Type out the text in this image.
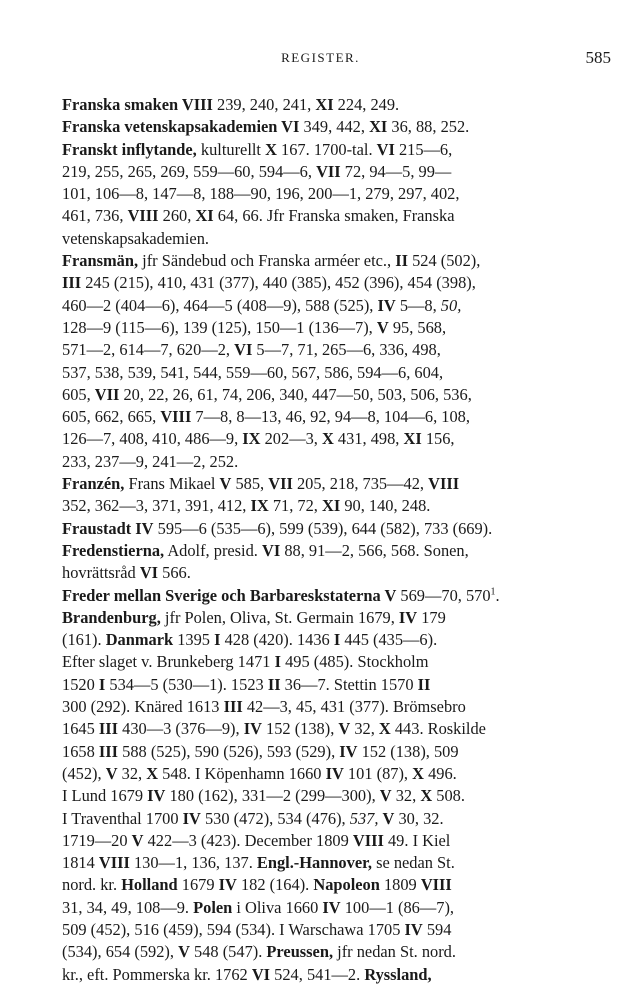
REGISTER.	585
Franska smaken VIII 239, 240, 241, XI 224, 249.
Franska vetenskapsakademien VI 349, 442, XI 36, 88, 252.
Franskt inflytande, kulturellt X 167. 1700-tal. VI 215—6,
219, 255, 265, 269, 559—60, 594—6, VII 72, 94—5, 99—
101, 106—8, 147—8, 188—90, 196, 200—1, 279, 297, 402,
461, 736, VIII 260, XI 64, 66. Jfr Franska smaken, Franska
vetenskapsakademien.
Fransmän, jfr Sändebud och Franska arméer etc., II 524 (502),
III 245 (215), 410, 431 (377), 440 (385), 452 (396), 454 (398),
460—2 (404—6), 464—5 (408—9), 588 (525), IV 5—8, 50,
128—9 (115—6), 139 (125), 150—1 (136—7), V 95, 568,
571—2, 614—7, 620—2, VI 5—7, 71, 265—6, 336, 498,
537, 538, 539, 541, 544, 559—60, 567, 586, 594—6, 604,
605, VII 20, 22, 26, 61, 74, 206, 340, 447—50, 503, 506, 536,
605, 662, 665, VIII 7—8, 8—13, 46, 92, 94—8, 104—6, 108,
126—7, 408, 410, 486—9, IX 202—3, X 431, 498, XI 156,
233, 237—9, 241—2, 252.
Franzén, Frans Mikael V 585, VII 205, 218, 735—42, VIII
352, 362—3, 371, 391, 412, IX 71, 72, XI 90, 140, 248.
Fraustadt IV 595—6 (535—6), 599 (539), 644 (582), 733 (669).
Fredenstierna, Adolf, presid. VI 88, 91—2, 566, 568. Sonen,
hovrättsråd VI 566.
Freder mellan Sverige och Barbareskstaterna V 569—70, $570^1$.
Brandenburg, jfr Polen, Oliva, St. Germain 1679, IV 179
(161). Danmark 1395 I 428 (420). 1436 I 445 (435—6).
Efter slaget v. Brunkeberg 1471 I 495 (485). Stockholm
1520 I 534—5 (530—1). 1523 II 36—7. Stettin 1570 II
300 (292). Knäred 1613 III 42—3, 45, 431 (377). Brömsebro
1645 III 430—3 (376—9), IV 152 (138), V 32, X 443. Roskilde
1658 III 588 (525), 590 (526), 593 (529), IV 152 (138), 509
(452), V 32, X 548. I Köpenhamn 1660 IV 101 (87), X 496.
I Lund 1679 IV 180 (162), 331—2 (299—300), V 32, X 508.
I Traventhal 1700 IV 530 (472), 534 (476), 537, V 30, 32.
1719—20 V 422—3 (423). December 1809 VIII 49. I Kiel
1814 VIII 130—1, 136, 137. Engl.-Hannover, se nedan St.
nord. kr. Holland 1679 IV 182 (164). Napoleon 1809 VIII
31, 34, 49, 108—9. Polen i Oliva 1660 IV 100—1 (86—7),
509 (452), 516 (459), 594 (534). I Warschawa 1705 IV 594
(534), 654 (592), V 548 (547). Preussen, jfr nedan St. nord.
kr., eft. Pommerska kr. 1762 VI 524, 541—2. Ryssland,
